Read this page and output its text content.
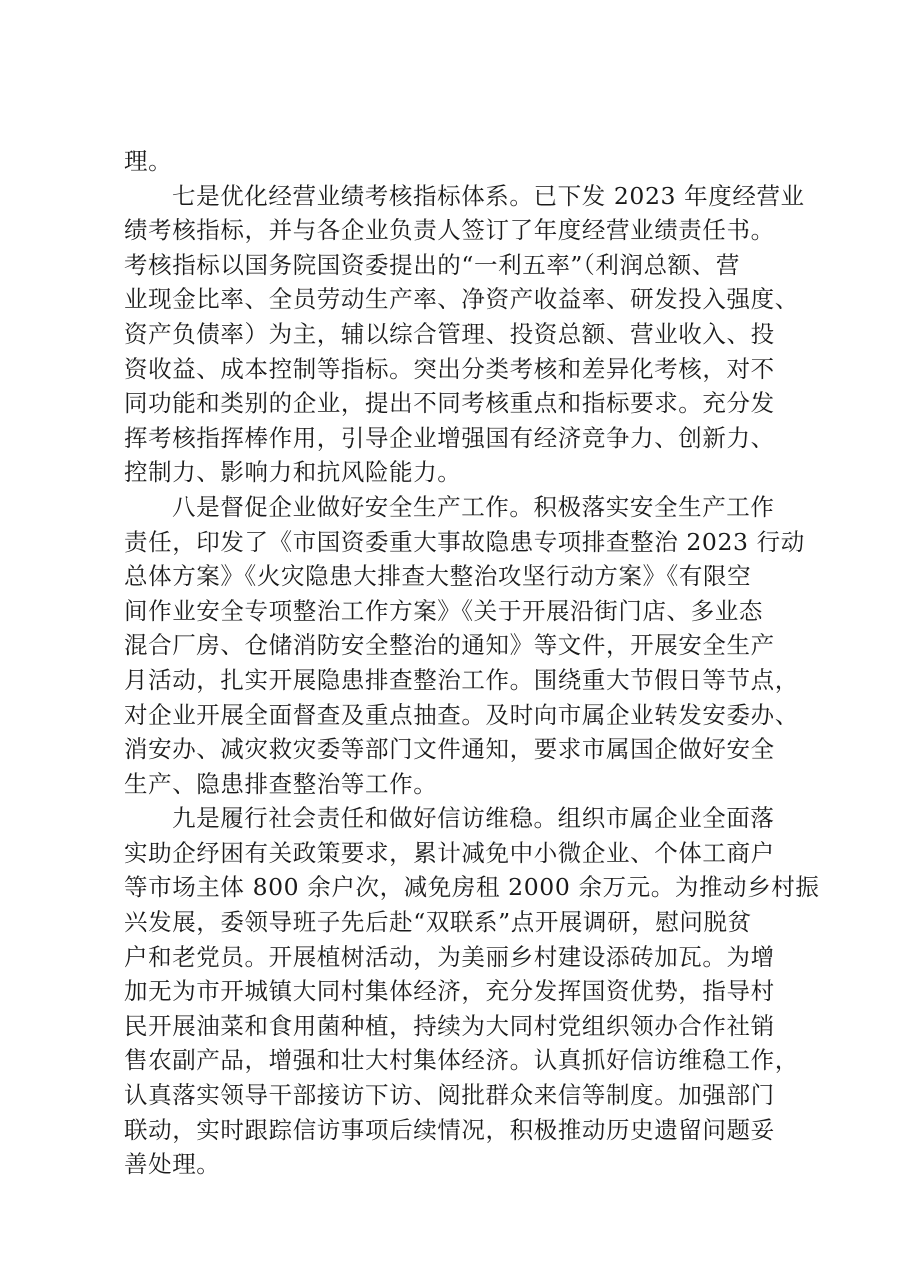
理。
七是优化经营业绩考核指标体系。已下发 2023 年度经营业
绩考核指标，并与各企业负责人签订了年度经营业绩责任书。
考核指标以国务院国资委提出的“一利五率”（利润总额、营
业现金比率、全员劳动生产率、净资产收益率、研发投入强度、
资产负债率）为主，辅以综合管理、投资总额、营业收入、投
资收益、成本控制等指标。突出分类考核和差异化考核，对不
同功能和类别的企业，提出不同考核重点和指标要求。充分发
挥考核指挥棒作用，引导企业增强国有经济竞争力、创新力、
控制力、影响力和抗风险能力。
八是督促企业做好安全生产工作。积极落实安全生产工作
责任，印发了《市国资委重大事故隐患专项排查整治 2023 行动
总体方案》《火灾隐患大排查大整治攻坚行动方案》《有限空
间作业安全专项整治工作方案》《关于开展沿街门店、多业态
混合厂房、仓储消防安全整治的通知》等文件，开展安全生产
月活动，扎实开展隐患排查整治工作。围绕重大节假日等节点，
对企业开展全面督查及重点抽查。及时向市属企业转发安委办、
消安办、减灾救灾委等部门文件通知，要求市属国企做好安全
生产、隐患排查整治等工作。
九是履行社会责任和做好信访维稳。组织市属企业全面落
实助企纾困有关政策要求，累计减免中小微企业、个体工商户
等市场主体 800 余户次，减免房租 2000 余万元。为推动乡村振
兴发展，委领导班子先后赴“双联系”点开展调研，慰问脱贫
户和老党员。开展植树活动，为美丽乡村建设添砖加瓦。为增
加无为市开城镇大同村集体经济，充分发挥国资优势，指导村
民开展油菜和食用菌种植，持续为大同村党组织领办合作社销
售农副产品，增强和壮大村集体经济。认真抓好信访维稳工作，
认真落实领导干部接访下访、阅批群众来信等制度。加强部门
联动，实时跟踪信访事项后续情况，积极推动历史遗留问题妥
善处理。
